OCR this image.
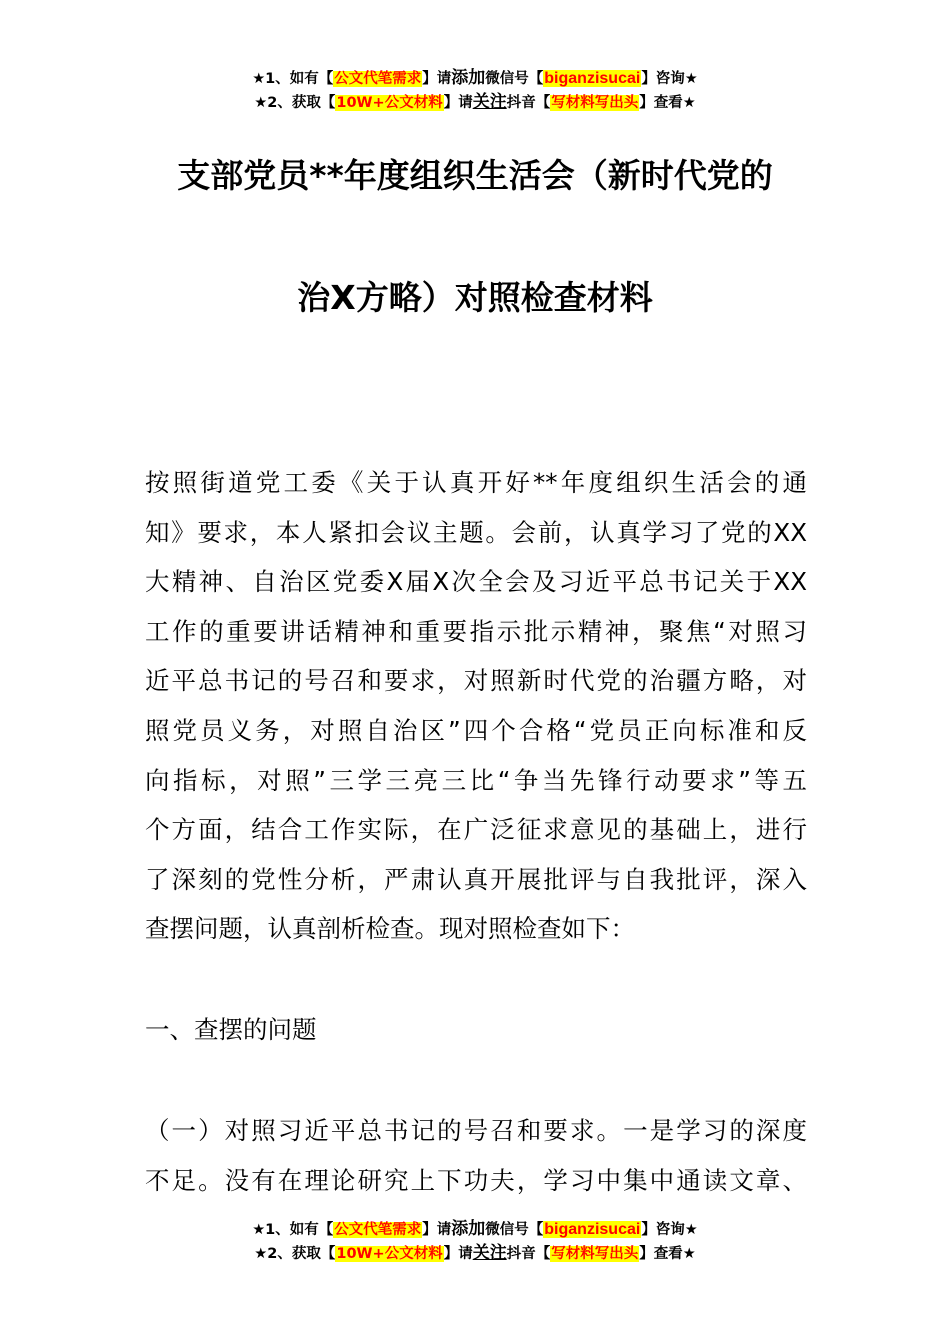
★1、如有【公文代笔需求】请添加微信号【biganzisucai】咨询★
★2、获取【10W+公文材料】请关注抖音【写材料写出头】查看★
支部党员**年度组织生活会（新时代党的
治X方略）对照检查材料
按照街道党工委《关于认真开好**年度组织生活会的通
知》要求，本人紧扣会议主题。会前，认真学习了党的XX
大精神、自治区党委X届X次全会及习近平总书记关于XX
工作的重要讲话精神和重要指示批示精神，聚焦“对照习
近平总书记的号召和要求，对照新时代党的治疆方略，对
照党员义务，对照自治区”四个合格“党员正向标准和反
向指标，对照”三学三亮三比“争当先锋行动要求”等五
个方面，结合工作实际，在广泛征求意见的基础上，进行
了深刻的党性分析，严肃认真开展批评与自我批评，深入
查摆问题，认真剖析检查。现对照检查如下：
一、查摆的问题
（一）对照习近平总书记的号召和要求。一是学习的深度
不足。没有在理论研究上下功夫，学习中集中通读文章、
★1、如有【公文代笔需求】请添加微信号【biganzisucai】咨询★
★2、获取【10W+公文材料】请关注抖音【写材料写出头】查看★
